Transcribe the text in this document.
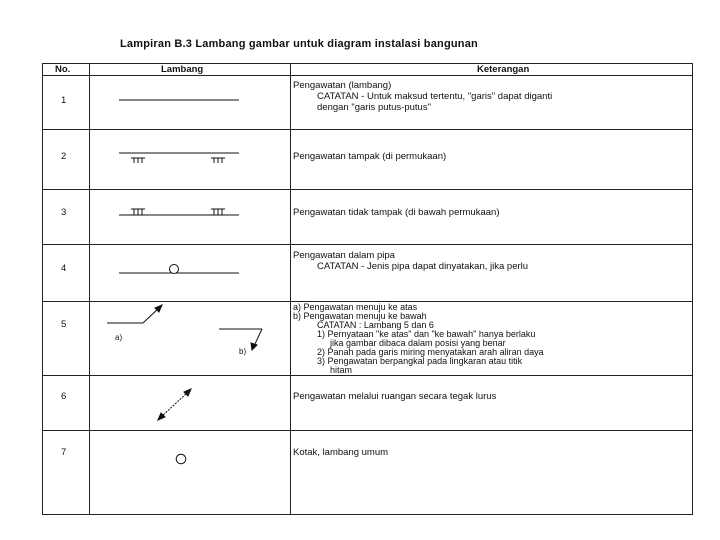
Lampiran B.3 Lambang gambar untuk diagram instalasi bangunan
No.	Lambang	Keterangan
1
2
3
4
5
6
7
a)
b)
Pengawatan (lambang)
CATATAN - Untuk maksud tertentu, "garis" dapat diganti
dengan "garis putus-putus"
Pengawatan tampak (di permukaan)
Pengawatan tidak tampak (di bawah permukaan)
Pengawatan dalam pipa
CATATAN - Jenis pipa dapat dinyatakan, jika perlu
a) Pengawatan menuju ke atas
b) Pengawatan menuju ke bawah
CATATAN : Lambang 5 dan 6
1) Pernyataan "ke atas" dan "ke bawah" hanya berlaku
jika gambar dibaca dalam posisi yang benar
2) Panah pada garis miring menyatakan arah aliran daya
3) Pengawatan berpangkal pada lingkaran atau titik
hitam
Pengawatan melalui ruangan secara tegak lurus
Kotak, lambang umum
